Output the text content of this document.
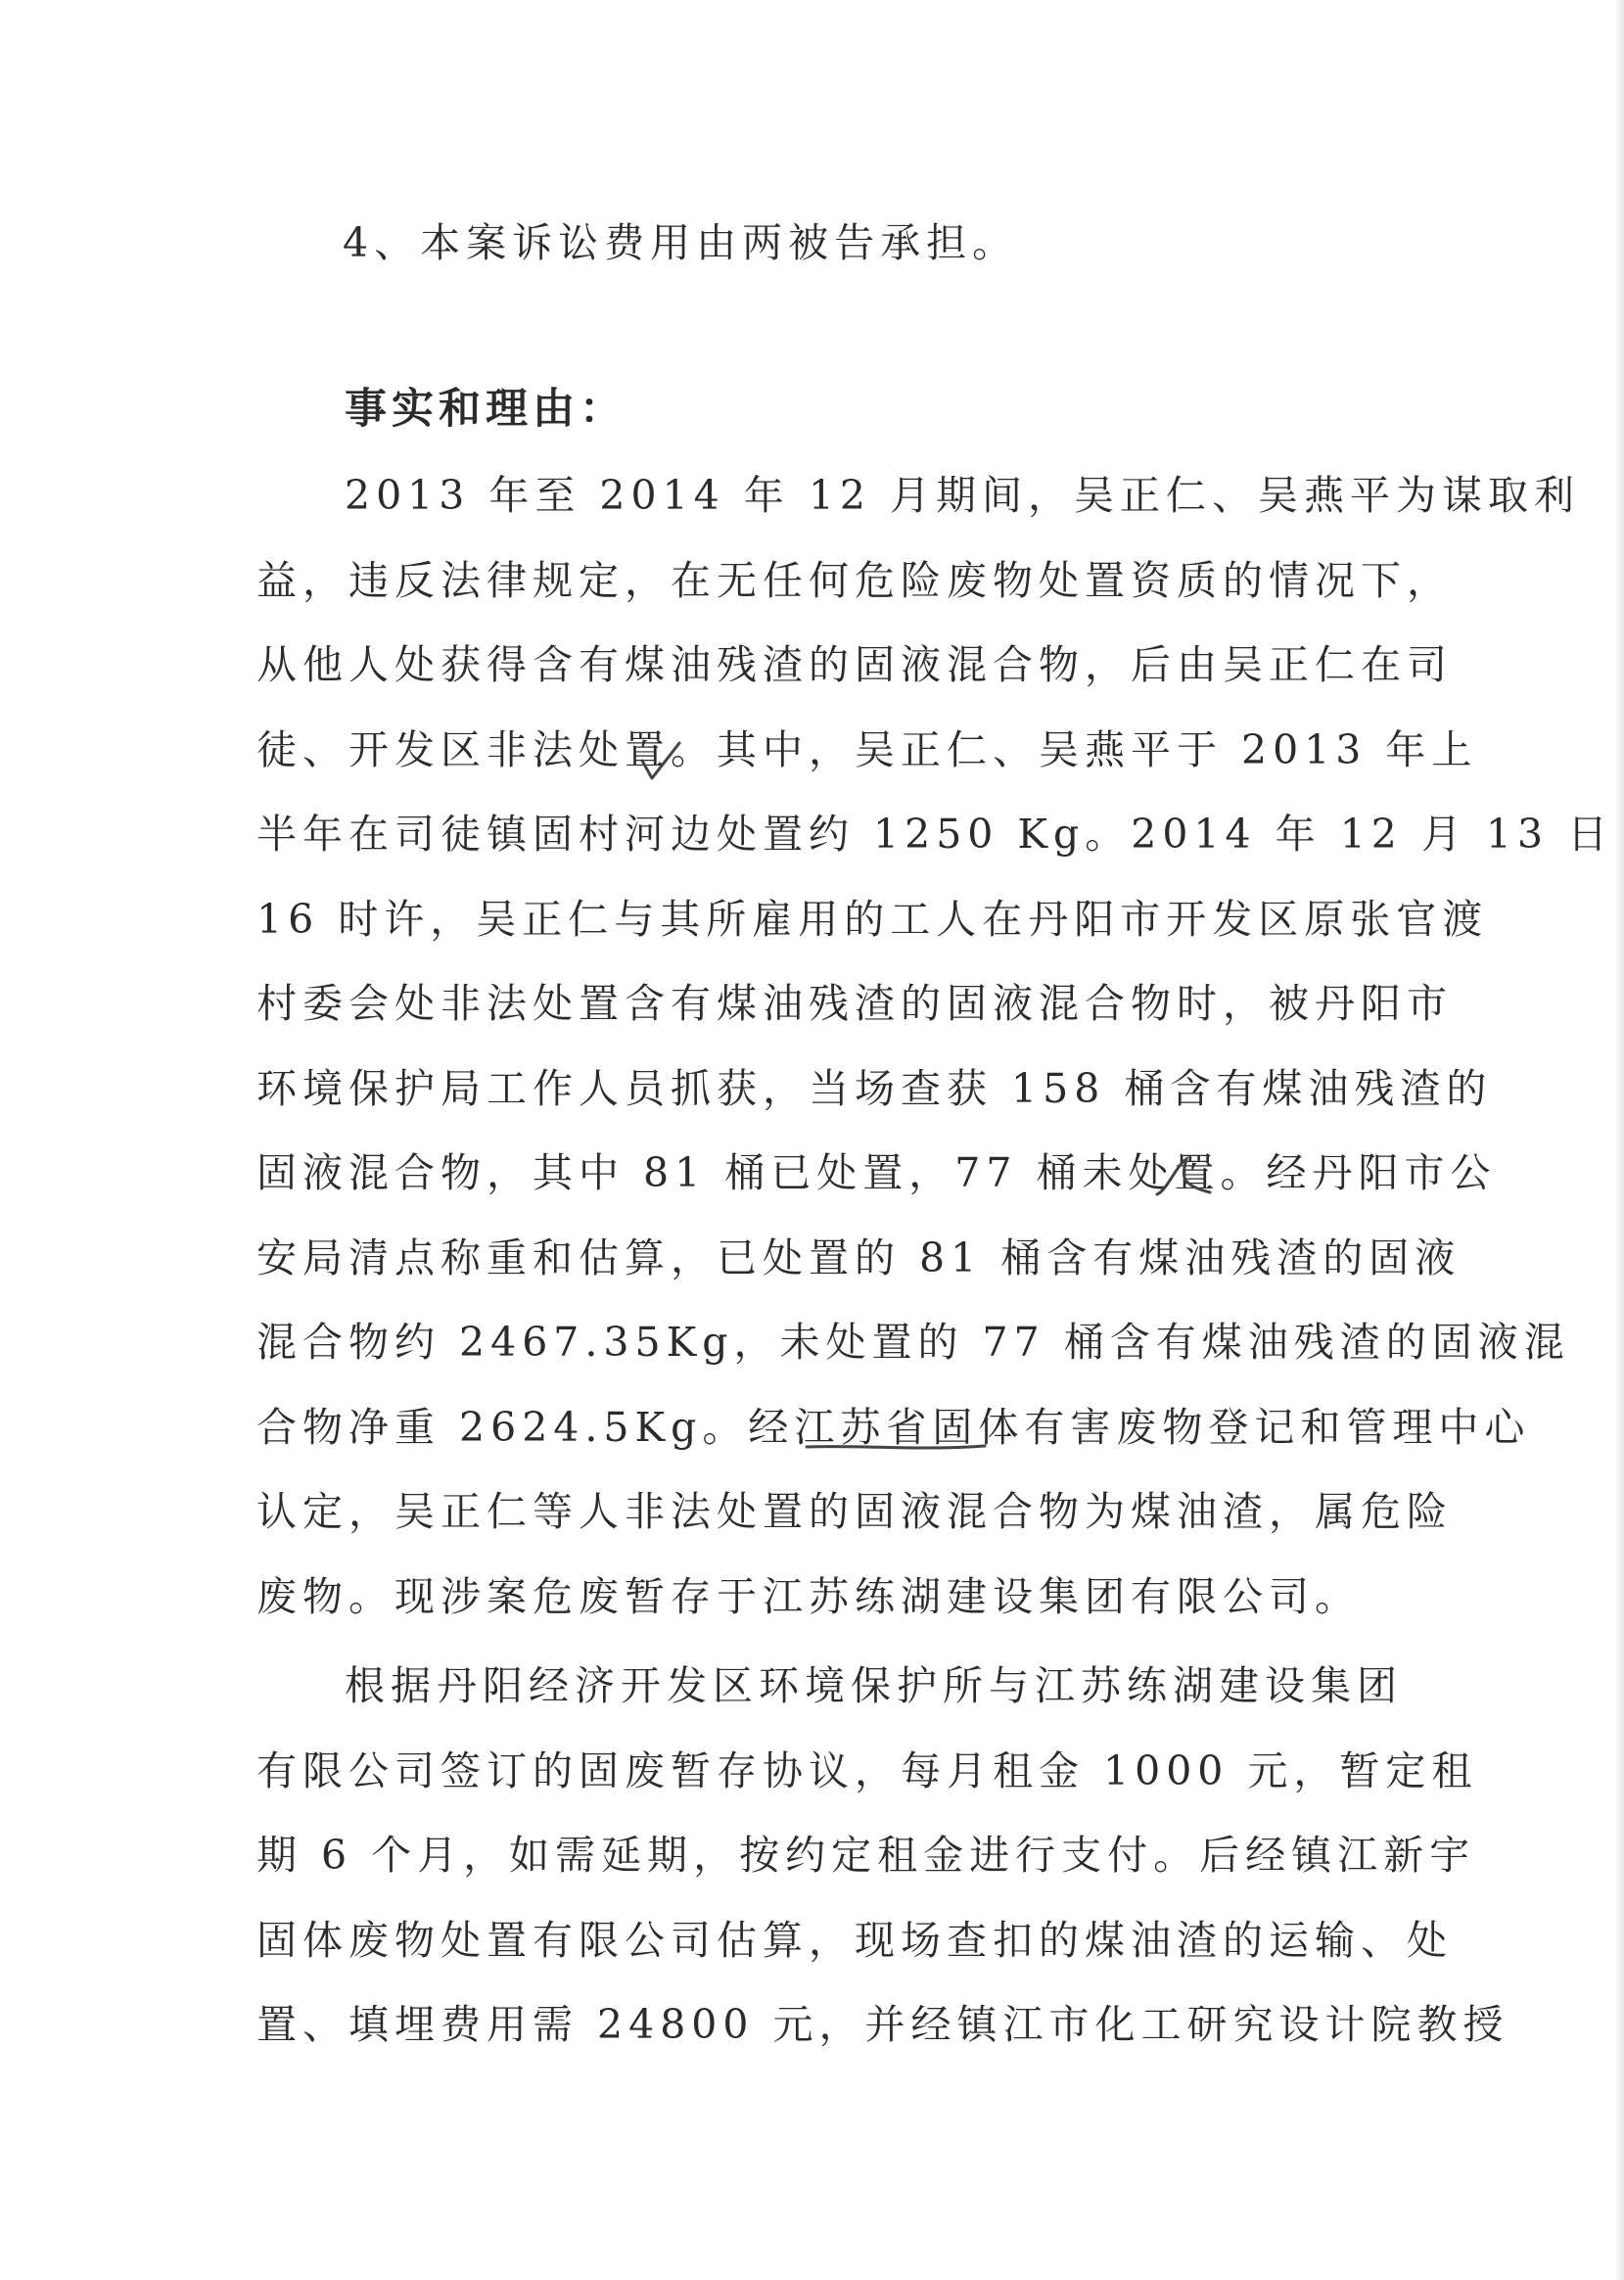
4、本案诉讼费用由两被告承担。
事实和理由：
2013 年至 2014 年 12 月期间，吴正仁、吴燕平为谋取利
益，违反法律规定，在无任何危险废物处置资质的情况下，
从他人处获得含有煤油残渣的固液混合物，后由吴正仁在司
徒、开发区非法处置。其中，吴正仁、吴燕平于 2013 年上
半年在司徒镇固村河边处置约 1250 Kg。2014 年 12 月 13 日
16 时许，吴正仁与其所雇用的工人在丹阳市开发区原张官渡
村委会处非法处置含有煤油残渣的固液混合物时，被丹阳市
环境保护局工作人员抓获，当场查获 158 桶含有煤油残渣的
固液混合物，其中 81 桶已处置，77 桶未处置。经丹阳市公
安局清点称重和估算，已处置的 81 桶含有煤油残渣的固液
混合物约 2467.35Kg，未处置的 77 桶含有煤油残渣的固液混
合物净重 2624.5Kg。经江苏省固体有害废物登记和管理中心
认定，吴正仁等人非法处置的固液混合物为煤油渣，属危险
废物。现涉案危废暂存于江苏练湖建设集团有限公司。
根据丹阳经济开发区环境保护所与江苏练湖建设集团
有限公司签订的固废暂存协议，每月租金 1000 元，暂定租
期 6 个月，如需延期，按约定租金进行支付。后经镇江新宇
固体废物处置有限公司估算，现场查扣的煤油渣的运输、处
置、填埋费用需 24800 元，并经镇江市化工研究设计院教授
